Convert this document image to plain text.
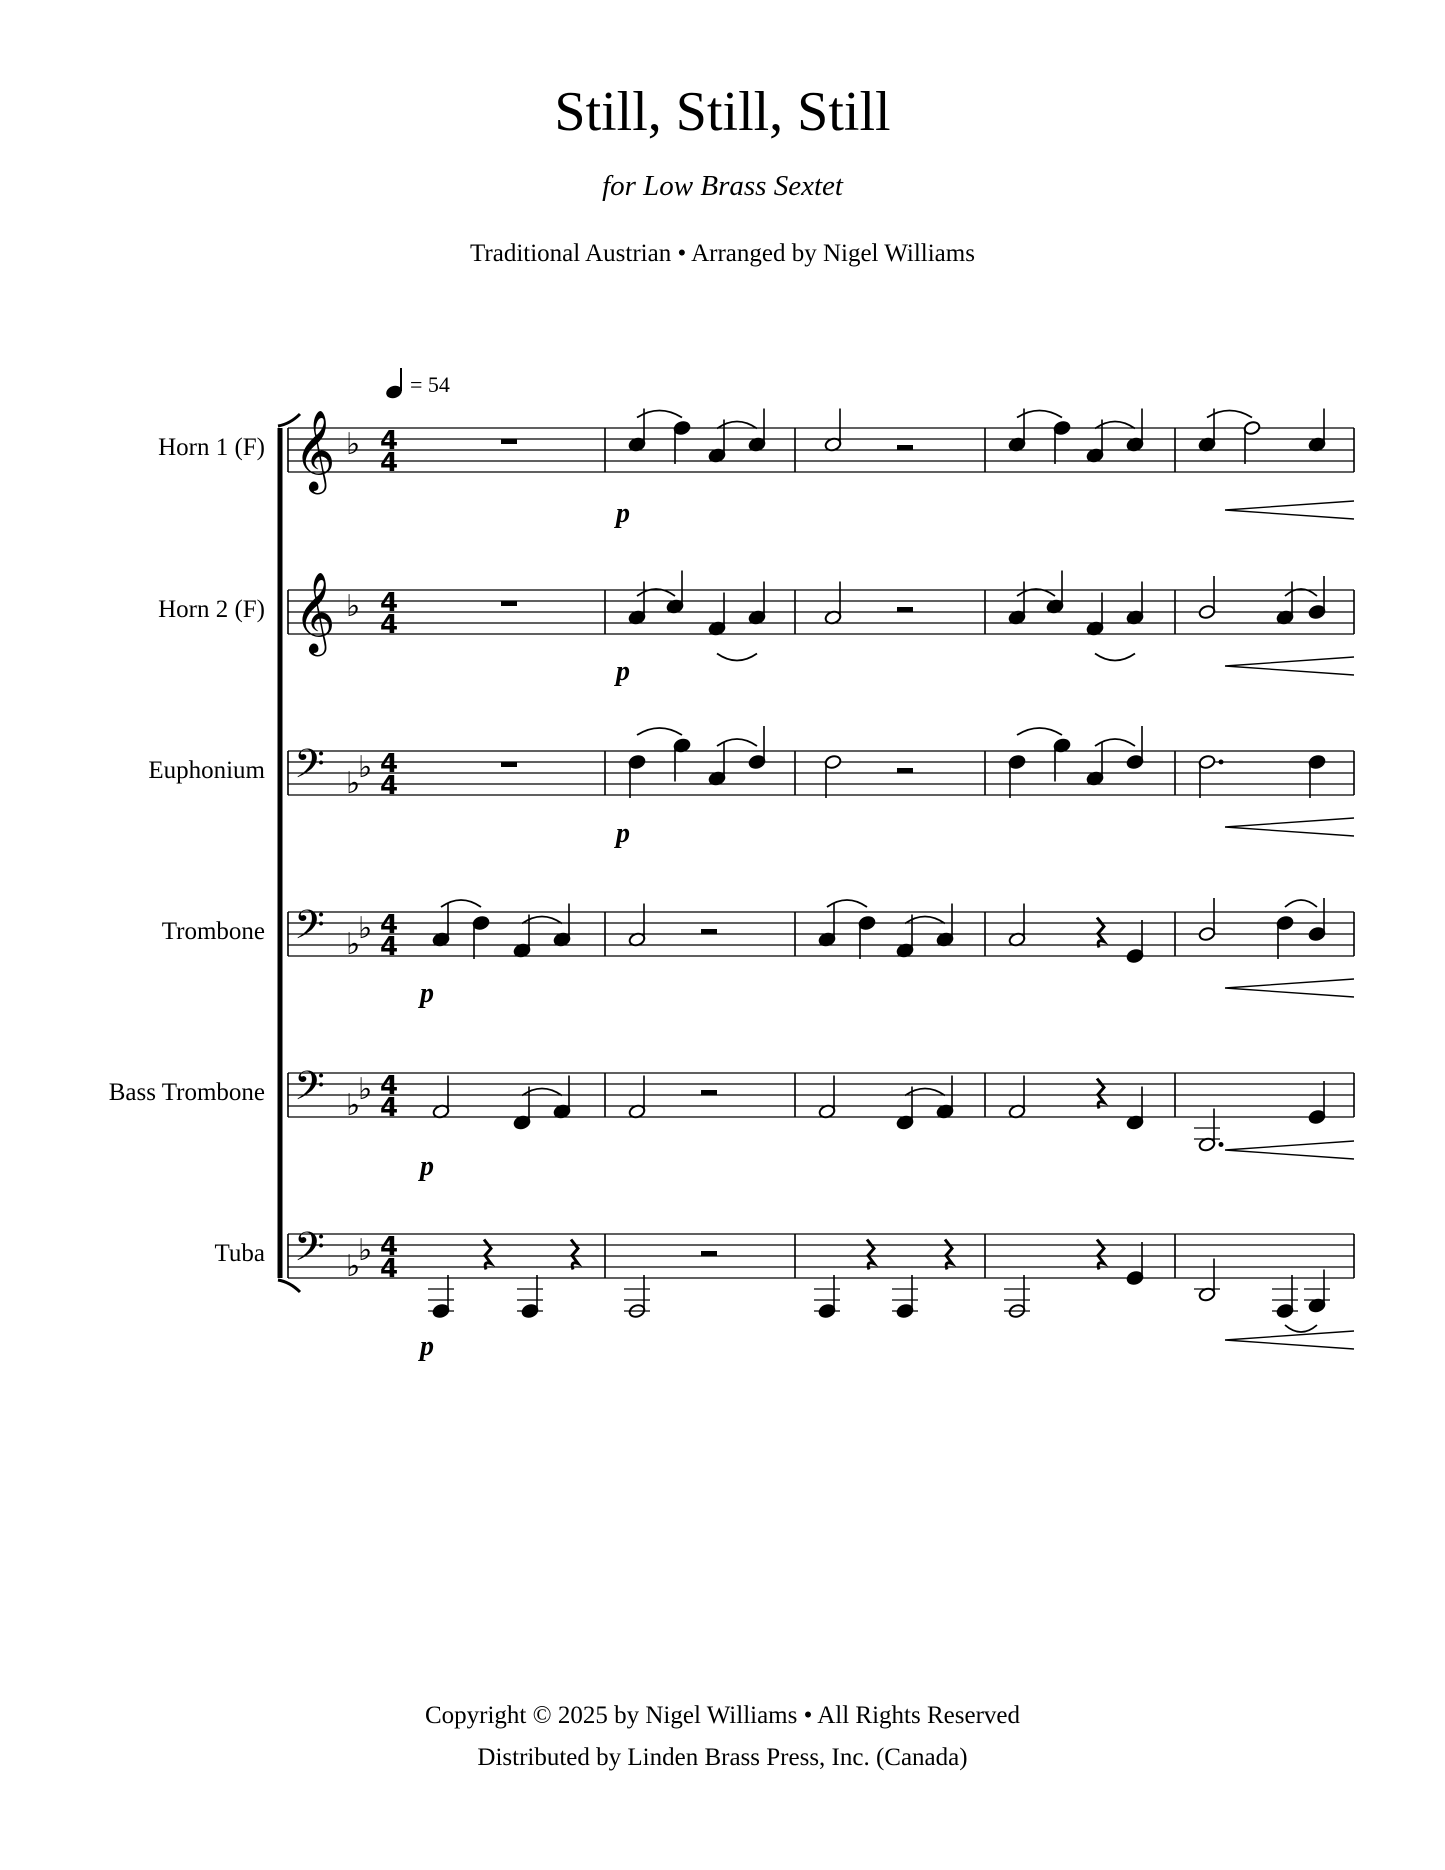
Still, Still, Still
for Low Brass Sextet
Traditional Austrian • Arranged by Nigel Williams
= 54
Horn 1 (F)
Horn 2 (F)
Euphonium
Trombone
Bass Trombone
Tuba
𝄞 ♭ 4
4
𝄞 ♭ 4
4
𝄢 ♭
♭ 4
4
𝄢 ♭
♭ 4
4
𝄢 ♭
♭ 4
4
𝄢 ♭
♭ 4
4
p
p
p
p
p
p
Copyright © 2025 by Nigel Williams • All Rights Reserved
Distributed by Linden Brass Press, Inc. (Canada)
